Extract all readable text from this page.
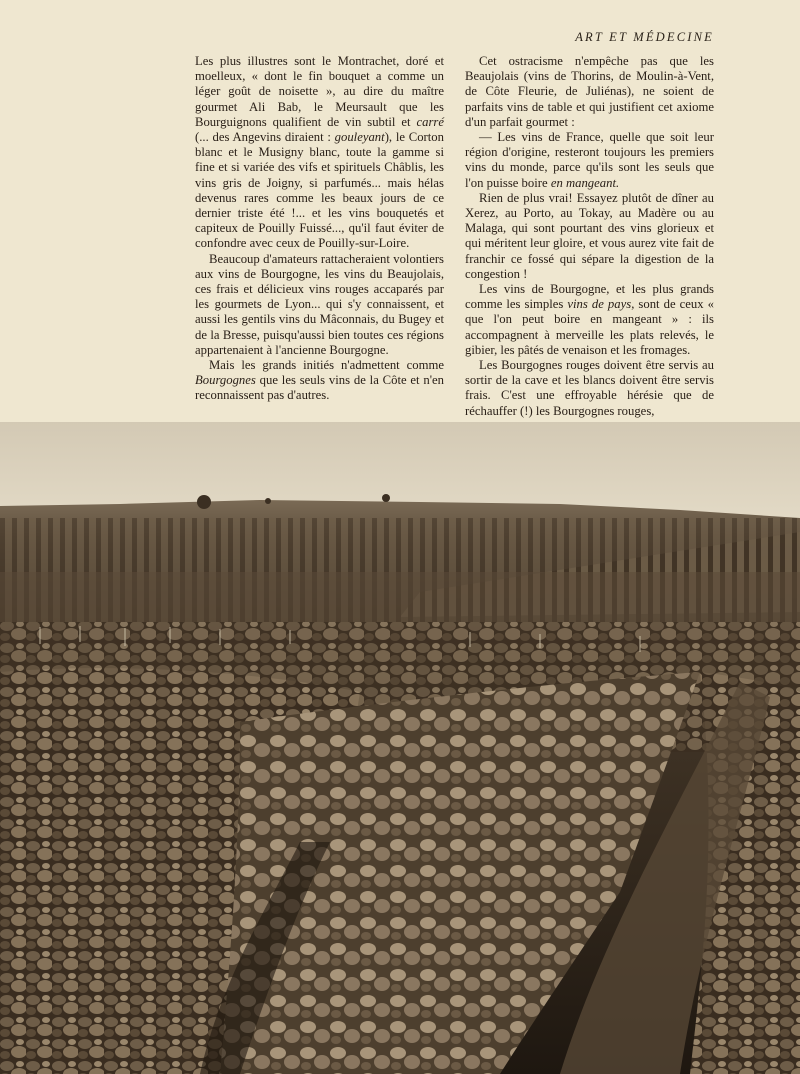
ART ET MÉDECINE

Les plus illustres sont le Montrachet, doré et moelleux, « dont le fin bouquet a comme un léger goût de noisette », au dire du maître gourmet Ali Bab, le Meursault que les Bourguignons qualifient de vin subtil et carré (... des Angevins diraient : gouleyant), le Corton blanc et le Musigny blanc, toute la gamme si fine et si variée des vifs et spirituels Châblis, les vins gris de Joigny, si parfumés... mais hélas devenus rares comme les beaux jours de ce dernier triste été !... et les vins bouquetés et capiteux de Pouilly Fuissé..., qu'il faut éviter de confondre avec ceux de Pouilly-sur-Loire.

Beaucoup d'amateurs rattacheraient volontiers aux vins de Bourgogne, les vins du Beaujolais, ces frais et délicieux vins rouges accaparés par les gourmets de Lyon... qui s'y connaissent, et aussi les gentils vins du Mâconnais, du Bugey et de la Bresse, puisqu'aussi bien toutes ces régions appartenaient à l'ancienne Bourgogne.

Mais les grands initiés n'admettent comme Bourgognes que les seuls vins de la Côte et n'en reconnaissent pas d'autres.

Cet ostracisme n'empêche pas que les Beaujolais (vins de Thorins, de Moulin-à-Vent, de Côte Fleurie, de Juliénas), ne soient de parfaits vins de table et qui justifient cet axiome d'un parfait gourmet :

— Les vins de France, quelle que soit leur région d'origine, resteront toujours les premiers vins du monde, parce qu'ils sont les seuls que l'on puisse boire en mangeant.

Rien de plus vrai! Essayez plutôt de dîner au Xerez, au Porto, au Tokay, au Madère ou au Malaga, qui sont pourtant des vins glorieux et qui méritent leur gloire, et vous aurez vite fait de franchir ce fossé qui sépare la digestion de la congestion !

Les vins de Bourgogne, et les plus grands comme les simples vins de pays, sont de ceux « que l'on peut boire en mangeant » : ils accompagnent à merveille les plats relevés, le gibier, les pâtés de venaison et les fromages.

Les Bourgognes rouges doivent être servis au sortir de la cave et les blancs doivent être servis frais. C'est une effroyable hérésie que de réchauffer (!) les Bourgognes rouges,
